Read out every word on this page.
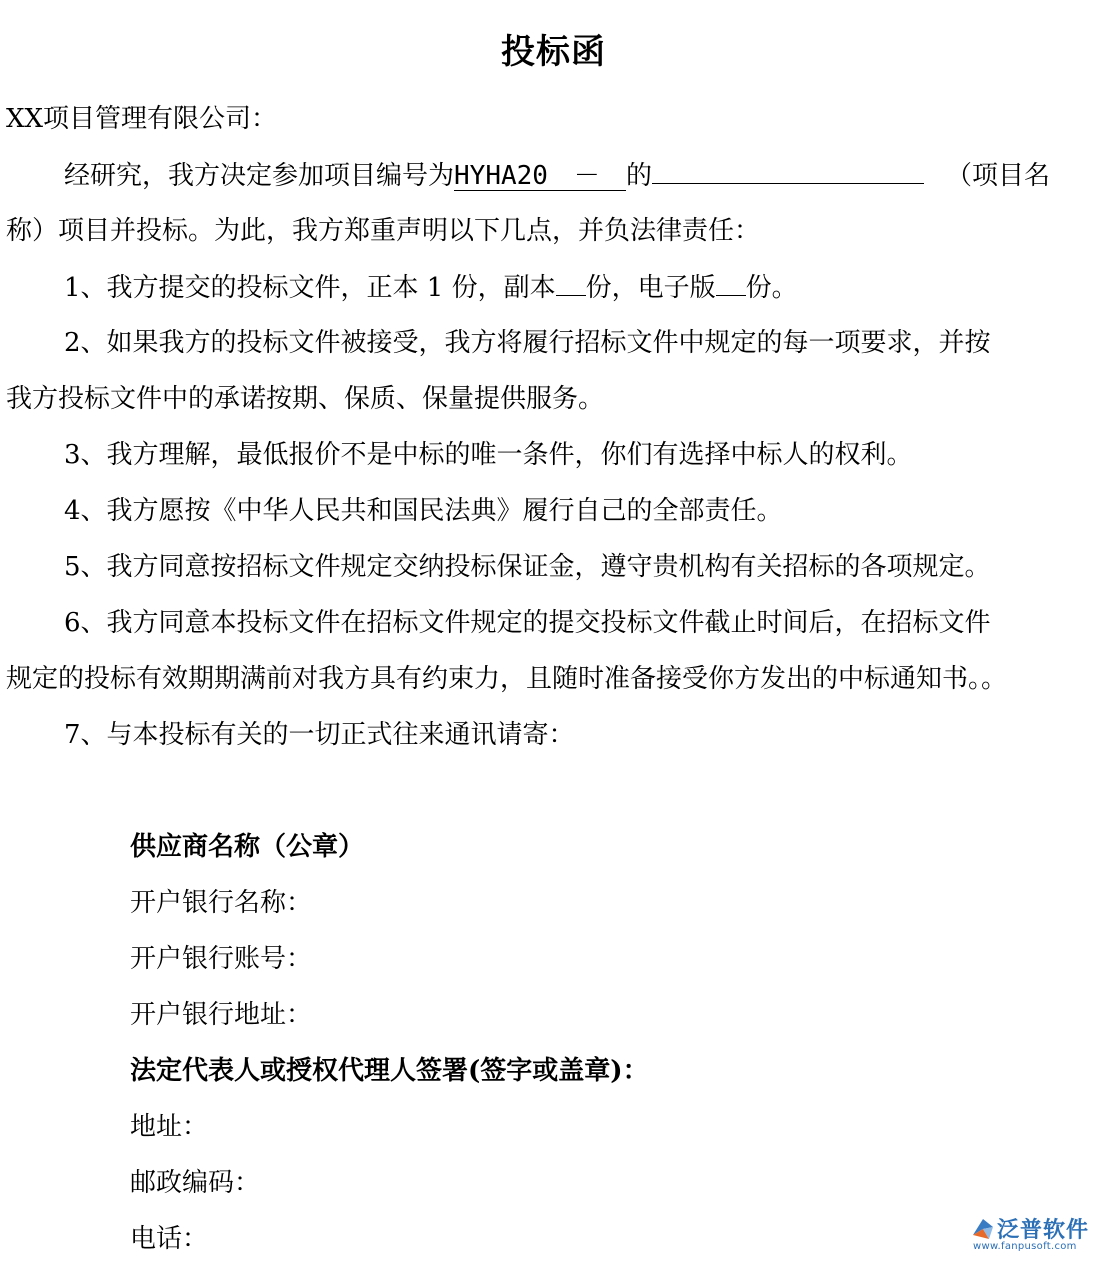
投标函
XX项目管理有限公司：
经研究，我方决定参加项目编号为HYHA20　－　的	（项目名
称）项目并投标。为此，我方郑重声明以下几点，并负法律责任：
1、我方提交的投标文件，正本 1 份，副本 份，电子版 份。
2、如果我方的投标文件被接受，我方将履行招标文件中规定的每一项要求，并按
我方投标文件中的承诺按期、保质、保量提供服务。
3、我方理解，最低报价不是中标的唯一条件，你们有选择中标人的权利。
4、我方愿按《中华人民共和国民法典》履行自己的全部责任。
5、我方同意按招标文件规定交纳投标保证金，遵守贵机构有关招标的各项规定。
6、我方同意本投标文件在招标文件规定的提交投标文件截止时间后，在招标文件
规定的投标有效期期满前对我方具有约束力，且随时准备接受你方发出的中标通知书。。
7、与本投标有关的一切正式往来通讯请寄：
供应商名称（公章）
开户银行名称：
开户银行账号：
开户银行地址：
法定代表人或授权代理人签署(签字或盖章)：
地址：
邮政编码：
电话：	泛普软件
www.fanpusoft.com
